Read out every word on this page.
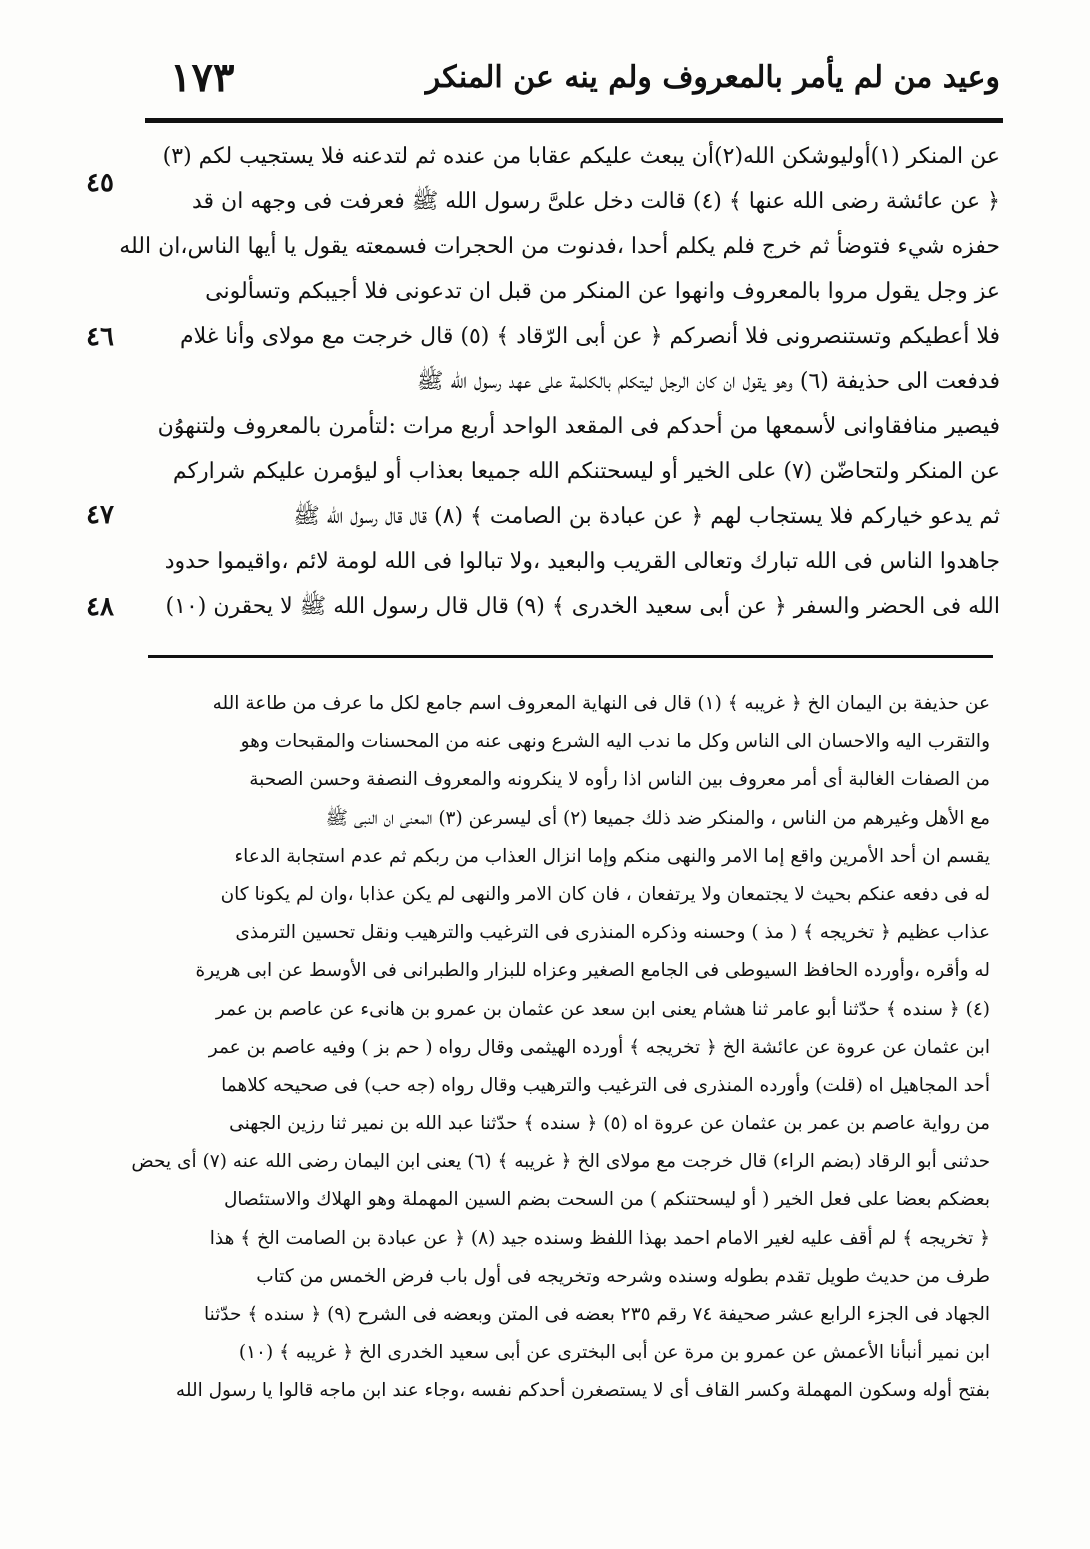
وعيد من لم يأمر بالمعروف ولم ينه عن المنكر
١٧٣
عن المنكر (١)أوليوشكن الله(٢)أن يبعث عليكم عقابا من عنده ثم لتدعنه فلا يستجيب لكم (٣)
﴿ عن عائشة رضى الله عنها ﴾ (٤) قالت دخل علىَّ رسول الله ﷺ فعرفت فى وجهه ان قد
حفزه شيء فتوضأ ثم خرج فلم يكلم أحدا ،فدنوت من الحجرات فسمعته يقول يا أيها الناس،ان الله
عز وجل يقول مروا بالمعروف وانهوا عن المنكر من قبل ان تدعونى فلا أجيبكم وتسألونى
فلا أعطيكم وتستنصرونى فلا أنصركم ﴿ عن أبى الرّقاد ﴾ (٥) قال خرجت مع مولاى وأنا غلام
فدفعت الى حذيفة (٦) وهو يقول ان كان الرجل ليتكلم بالكلمة على عهد رسول الله ﷺ
فيصير منافقاوانى لأسمعها من أحدكم فى المقعد الواحد أربع مرات :لتأمرن بالمعروف ولتنهوُن
عن المنكر ولتحاضّن (٧) على الخير أو ليسحتنكم الله جميعا بعذاب أو ليؤمرن عليكم شراركم
ثم يدعو خياركم فلا يستجاب لهم ﴿ عن عبادة بن الصامت ﴾ (٨) قال قال رسول الله ﷺ
جاهدوا الناس فى الله تبارك وتعالى القريب والبعيد ،ولا تبالوا فى الله لومة لائم ،واقيموا حدود
الله فى الحضر والسفر ﴿ عن أبى سعيد الخدرى ﴾ (٩) قال قال رسول الله ﷺ لا يحقرن (١٠)
٤٥
٤٦
٤٧
٤٨
عن حذيفة بن اليمان الخ ﴿ غريبه ﴾ (١) قال فى النهاية المعروف اسم جامع لكل ما عرف من طاعة الله
والتقرب اليه والاحسان الى الناس وكل ما ندب اليه الشرع ونهى عنه من المحسنات والمقبحات وهو
من الصفات الغالبة أى أمر معروف بين الناس اذا رأوه لا ينكرونه والمعروف النصفة وحسن الصحبة
مع الأهل وغيرهم من الناس ، والمنكر ضد ذلك جميعا (٢) أى ليسرعن (٣) المعنى ان النبى ﷺ
يقسم ان أحد الأمرين واقع إما الامر والنهى منكم وإما انزال العذاب من ربكم ثم عدم استجابة الدعاء
له فى دفعه عنكم بحيث لا يجتمعان ولا يرتفعان ، فان كان الامر والنهى لم يكن عذابا ،وان لم يكونا كان
عذاب عظيم ﴿ تخريجه ﴾ ( مذ ) وحسنه وذكره المنذرى فى الترغيب والترهيب ونقل تحسين الترمذى
له وأقره ،وأورده الحافظ السيوطى فى الجامع الصغير وعزاه للبزار والطبرانى فى الأوسط عن ابى هريرة
(٤) ﴿ سنده ﴾ حدّثنا أبو عامر ثنا هشام يعنى ابن سعد عن عثمان بن عمرو بن هانىء عن عاصم بن عمر
ابن عثمان عن عروة عن عائشة الخ ﴿ تخريجه ﴾ أورده الهيثمى وقال رواه ( حم بز ) وفيه عاصم بن عمر
أحد المجاهيل اه (قلت) وأورده المنذرى فى الترغيب والترهيب وقال رواه (جه حب) فى صحيحه كلاهما
من رواية عاصم بن عمر بن عثمان عن عروة اه (٥) ﴿ سنده ﴾ حدّثنا عبد الله بن نمير ثنا رزين الجهنى
حدثنى أبو الرقاد (بضم الراء) قال خرجت مع مولاى الخ ﴿ غريبه ﴾ (٦) يعنى ابن اليمان رضى الله عنه (٧) أى يحض
بعضكم بعضا على فعل الخير ( أو ليسحتنكم ) من السحت بضم السين المهملة وهو الهلاك والاستئصال
﴿ تخريجه ﴾ لم أقف عليه لغير الامام احمد بهذا اللفظ وسنده جيد (٨) ﴿ عن عبادة بن الصامت الخ ﴾ هذا
طرف من حديث طويل تقدم بطوله وسنده وشرحه وتخريجه فى أول باب فرض الخمس من كتاب
الجهاد فى الجزء الرابع عشر صحيفة ٧٤ رقم ٢٣٥ بعضه فى المتن وبعضه فى الشرح (٩) ﴿ سنده ﴾ حدّثنا
ابن نمير أنبأنا الأعمش عن عمرو بن مرة عن أبى البخترى عن أبى سعيد الخدرى الخ ﴿ غريبه ﴾ (١٠)
بفتح أوله وسكون المهملة وكسر القاف أى لا يستصغرن أحدكم نفسه ،وجاء عند ابن ماجه قالوا يا رسول الله
